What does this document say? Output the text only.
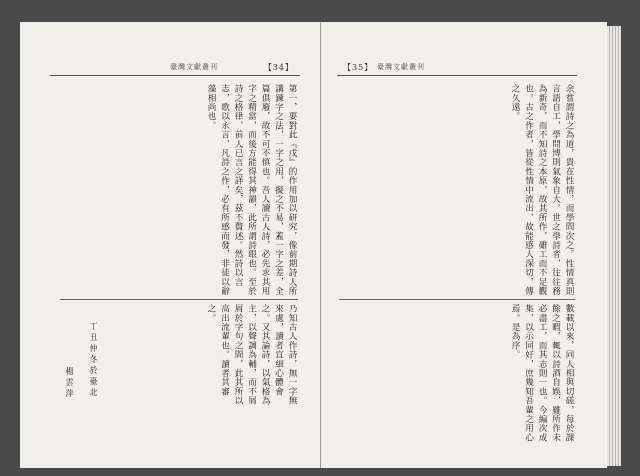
臺灣文獻叢刊	【34】
第一，要對此『戊』的作用加以研究，像前期詩人所講鍊字之法，一字之用，擬之不易，蓋一字之差，全篇俱廢，故不可不慎也。吾人讀古人詩，必先求其用字之精當，而後方能得其神韻，此所謂詩眼也。至於詩之格律，前人已言之詳矣，茲不贅述。然詩以言志，歌以永言，凡詩之作，必有所感而發，非徒以辭藻相尚也。
乃知古人作詩，無一字無來處，讀者宜細心體會之。又其論詩，以氣格為主，以聲調為輔，而不屑屑於字句之間，此其所以高出流輩也。讀者其審之。
丁丑仲冬於臺北
楊雲萍
【35】 臺灣文獻叢刊
余嘗謂詩之為道，貴在性情，而學問次之。性情真則言語自工，學問博則氣象自大。世之學詩者，往往務為新奇，而不知詩之本原，故其所作，雖工而不足觀也。古之作者，皆從性情中流出，故能感人深切，傳之久遠。
數載以來，同人相與切磋，每於課餘之暇，輒以詩酒自娛，雖所作未必盡工，而其志則一也。今編次成集，以示同好，庶幾知吾輩之用心焉。是為序。
